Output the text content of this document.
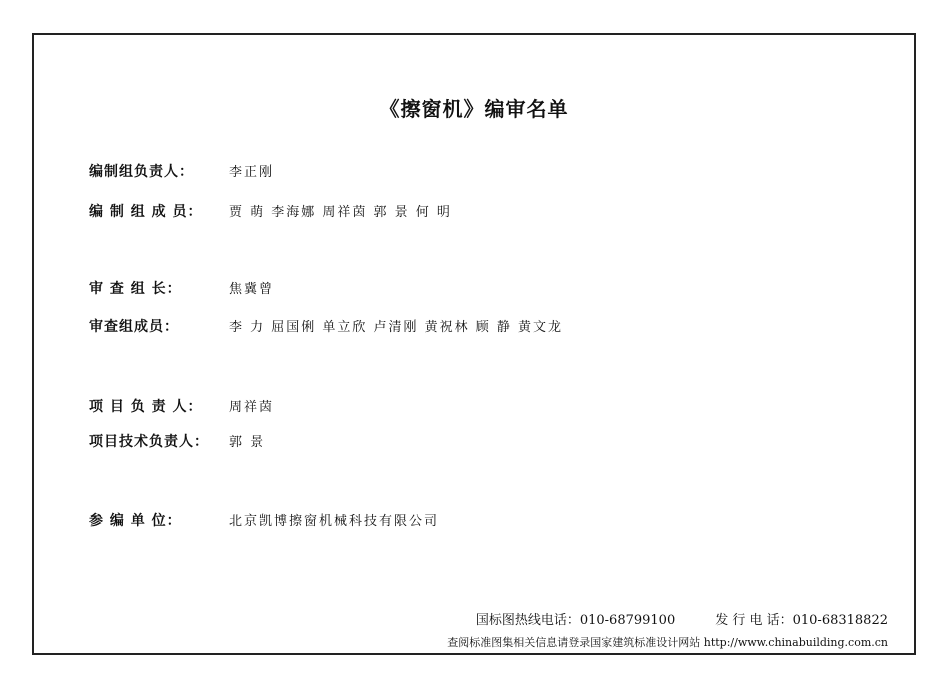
《擦窗机》编审名单
编制组负责人：	李正刚
编 制 组 成 员：	贾 萌 李海娜 周祥茵 郭 景 何 明
审 查 组 长：	焦冀曾
审查组成员：	李 力 屈国俐 单立欣 卢清刚 黄祝林 顾 静 黄文龙
项 目 负 责 人：	周祥茵
项目技术负责人：	郭 景
参 编 单 位：	北京凯博擦窗机械科技有限公司
国标图热线电话：010-68799100	发 行 电 话：010-68318822
查阅标准图集相关信息请登录国家建筑标准设计网站 http://www.chinabuilding.com.cn
